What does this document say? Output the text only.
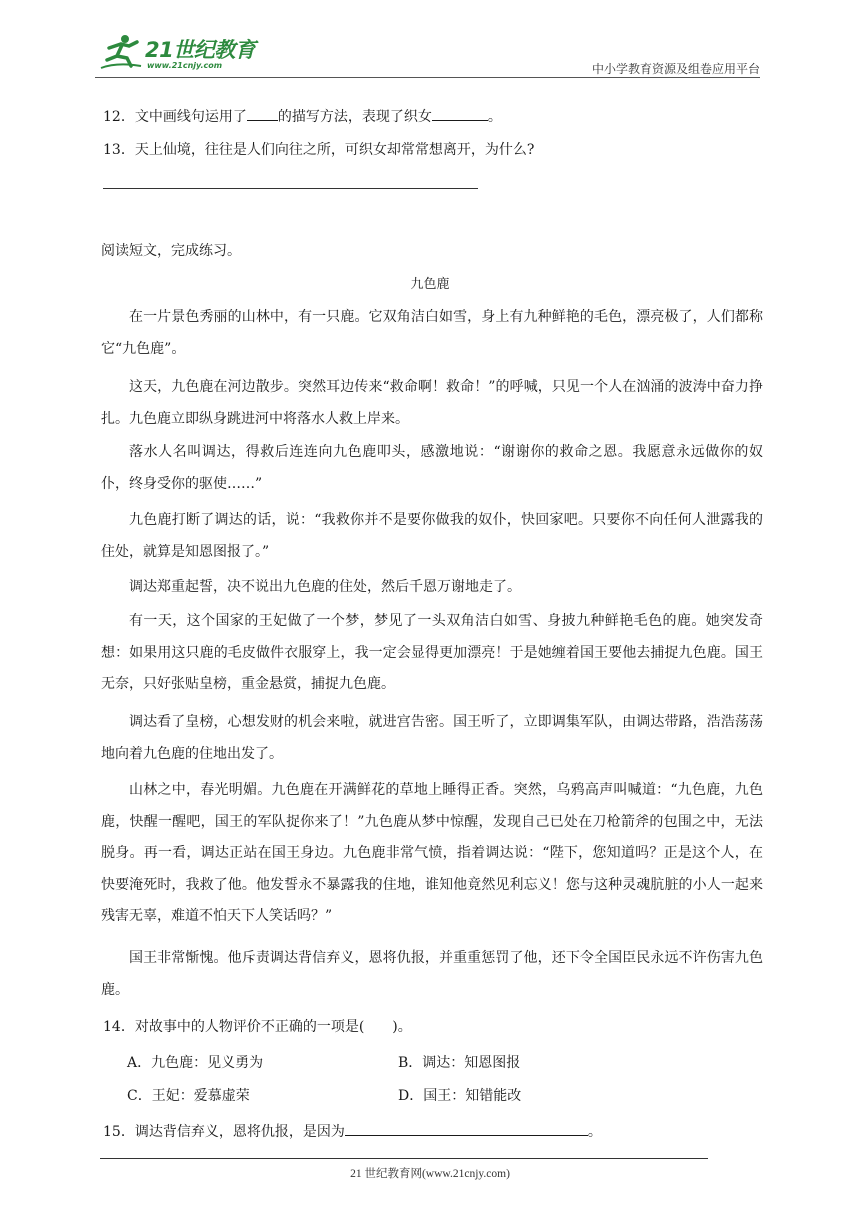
21世纪教育
www.21cnjy.com	中小学教育资源及组卷应用平台
12．文中画线句运用了 的描写方法，表现了织女	。
13．天上仙境，往往是人们向往之所，可织女却常常想离开，为什么?
阅读短文，完成练习。
九色鹿

在一片景色秀丽的山林中，有一只鹿。它双角洁白如雪，身上有九种鲜艳的毛色，漂亮极了，人们都称它“九色鹿”。

这天，九色鹿在河边散步。突然耳边传来“救命啊！救命！”的呼喊，只见一个人在汹涌的波涛中奋力挣扎。九色鹿立即纵身跳进河中将落水人救上岸来。

落水人名叫调达，得救后连连向九色鹿叩头，感激地说：“谢谢你的救命之恩。我愿意永远做你的奴仆，终身受你的驱使……”

九色鹿打断了调达的话，说：“我救你并不是要你做我的奴仆，快回家吧。只要你不向任何人泄露我的住处，就算是知恩图报了。”

调达郑重起誓，决不说出九色鹿的住处，然后千恩万谢地走了。

有一天，这个国家的王妃做了一个梦，梦见了一头双角洁白如雪、身披九种鲜艳毛色的鹿。她突发奇想：如果用这只鹿的毛皮做件衣服穿上，我一定会显得更加漂亮！于是她缠着国王要他去捕捉九色鹿。国王无奈，只好张贴皇榜，重金悬赏，捕捉九色鹿。

调达看了皇榜，心想发财的机会来啦，就进宫告密。国王听了，立即调集军队，由调达带路，浩浩荡荡地向着九色鹿的住地出发了。

山林之中，春光明媚。九色鹿在开满鲜花的草地上睡得正香。突然，乌鸦高声叫喊道：“九色鹿，九色鹿，快醒一醒吧，国王的军队捉你来了！”九色鹿从梦中惊醒，发现自己已处在刀枪箭斧的包围之中，无法脱身。再一看，调达正站在国王身边。九色鹿非常气愤，指着调达说：“陛下，您知道吗？正是这个人，在快要淹死时，我救了他。他发誓永不暴露我的住地，谁知他竟然见利忘义！您与这种灵魂肮脏的小人一起来残害无辜，难道不怕天下人笑话吗？”

国王非常惭愧。他斥责调达背信弃义，恩将仇报，并重重惩罚了他，还下令全国臣民永远不许伤害九色鹿。

14．对故事中的人物评价不正确的一项是(　　)。
A．九色鹿：见义勇为	B．调达：知恩图报
C．王妃：爱慕虚荣	D．国王：知错能改
15．调达背信弃义，恩将仇报，是因为	。
21 世纪教育网(www.21cnjy.com)
